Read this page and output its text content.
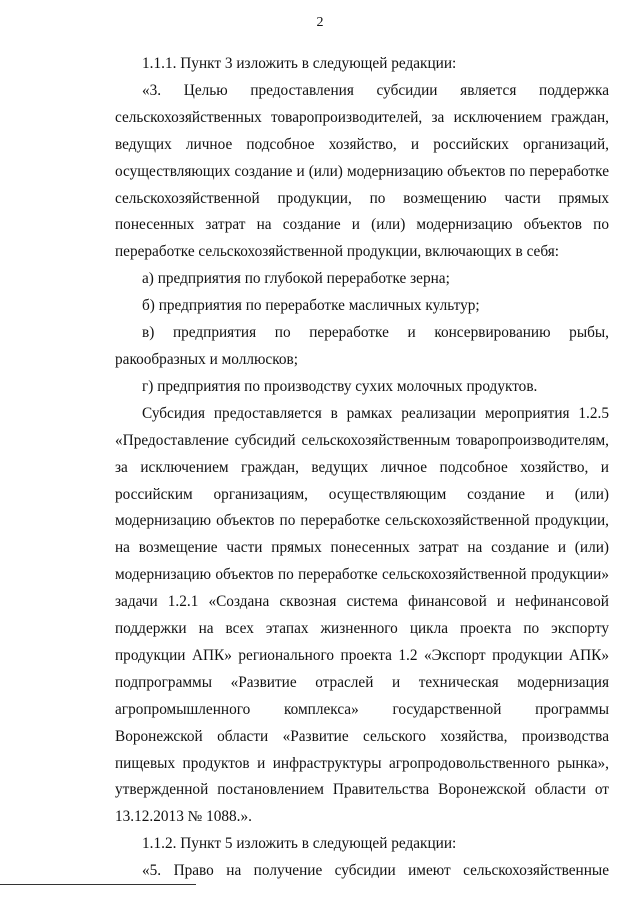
2

1.1.1. Пункт 3 изложить в следующей редакции:

«3. Целью предоставления субсидии является поддержка сельскохозяйственных товаропроизводителей, за исключением граждан, ведущих личное подсобное хозяйство, и российских организаций, осуществляющих создание и (или) модернизацию объектов по переработке сельскохозяйственной продукции, по возмещению части прямых понесенных затрат на создание и (или) модернизацию объектов по переработке сельскохозяйственной продукции, включающих в себя:

а) предприятия по глубокой переработке зерна;

б) предприятия по переработке масличных культур;

в) предприятия по переработке и консервированию рыбы, ракообразных и моллюсков;

г) предприятия по производству сухих молочных продуктов.

Субсидия предоставляется в рамках реализации мероприятия 1.2.5 «Предоставление субсидий сельскохозяйственным товаропроизводителям, за исключением граждан, ведущих личное подсобное хозяйство, и российским организациям, осуществляющим создание и (или) модернизацию объектов по переработке сельскохозяйственной продукции, на возмещение части прямых понесенных затрат на создание и (или) модернизацию объектов по переработке сельскохозяйственной продукции» задачи 1.2.1 «Создана сквозная система финансовой и нефинансовой поддержки на всех этапах жизненного цикла проекта по экспорту продукции АПК» регионального проекта 1.2 «Экспорт продукции АПК» подпрограммы «Развитие отраслей и техническая модернизация агропромышленного комплекса» государственной программы Воронежской области «Развитие сельского хозяйства, производства пищевых продуктов и инфраструктуры агропродовольственного рынка», утвержденной постановлением Правительства Воронежской области от 13.12.2013 № 1088.».

1.1.2. Пункт 5 изложить в следующей редакции:

«5. Право на получение субсидии имеют сельскохозяйственные
